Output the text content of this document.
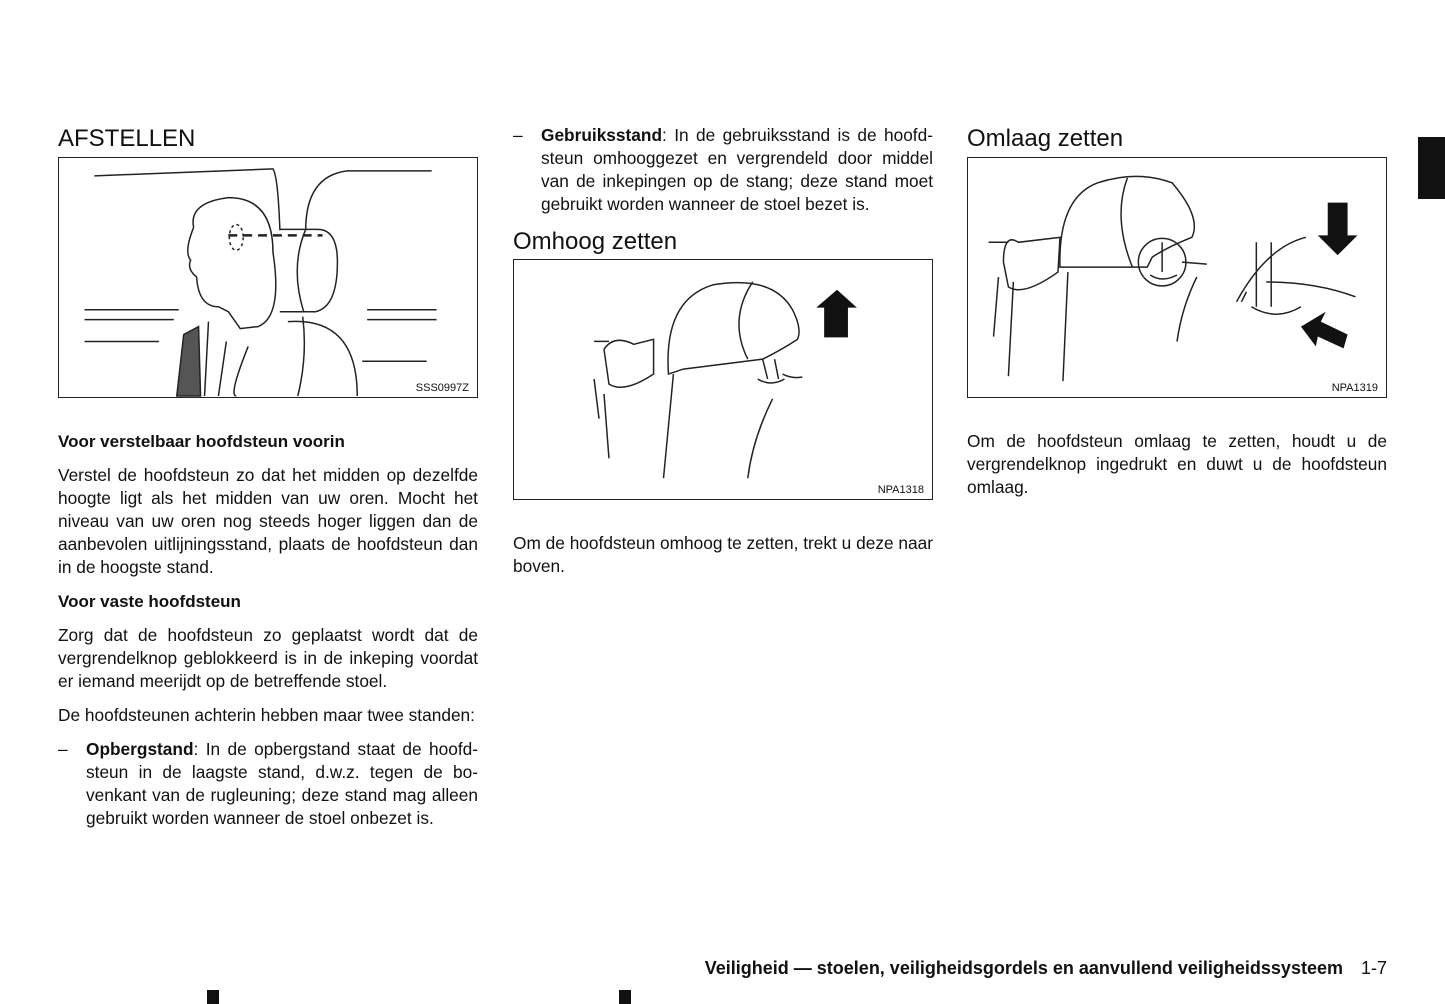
AFSTELLEN
SSS0997Z
Voor verstelbaar hoofdsteun voorin

Verstel de hoofdsteun zo dat het midden op dezelfde hoogte ligt als het midden van uw oren. Mocht het niveau van uw oren nog steeds hoger liggen dan de aanbevolen uitlijningsstand, plaats de hoofdsteun dan in de hoogste stand.

Voor vaste hoofdsteun

Zorg dat de hoofdsteun zo geplaatst wordt dat de vergrendelknop geblokkeerd is in de inkeping voordat er iemand meerijdt op de betreffende stoel.

De hoofdsteunen achterin hebben maar twee standen:

– Opbergstand: In de opbergstand staat de hoofdsteun in de laagste stand, d.w.z. tegen de bovenkant van de rugleuning; deze stand mag alleen gebruikt worden wanneer de stoel onbezet is.

– Gebruiksstand: In de gebruiksstand is de hoofdsteun omhooggezet en vergrendeld door middel van de inkepingen op de stang; deze stand moet gebruikt worden wanneer de stoel bezet is.

Omhoog zetten
NPA1318

Om de hoofdsteun omhoog te zetten, trekt u deze naar boven.

Omlaag zetten
NPA1319

Om de hoofdsteun omlaag te zetten, houdt u de vergrendelknop ingedrukt en duwt u de hoofdsteun omlaag.

Veiligheid — stoelen, veiligheidsgordels en aanvullend veiligheidssysteem 1-7
